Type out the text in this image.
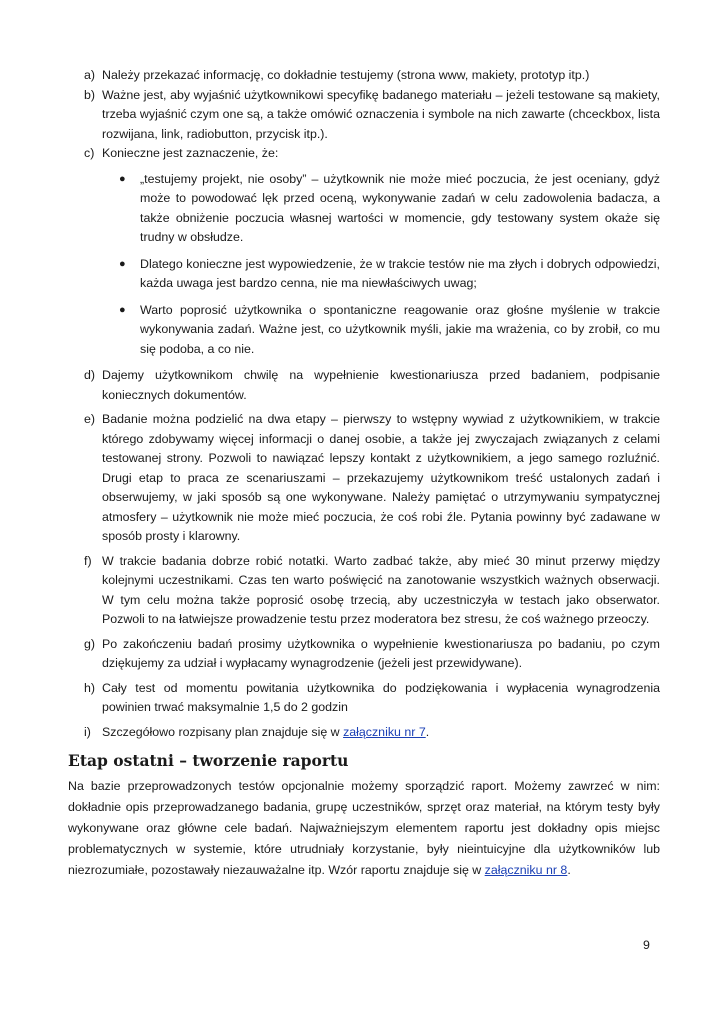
a) Należy przekazać informację, co dokładnie testujemy (strona www, makiety, prototyp itp.)
b) Ważne jest, aby wyjaśnić użytkownikowi specyfikę badanego materiału – jeżeli testowane są makiety, trzeba wyjaśnić czym one są, a także omówić oznaczenia i symbole na nich zawarte (chceckbox, lista rozwijana, link, radiobutton, przycisk itp.).
c) Konieczne jest zaznaczenie, że:
● „testujemy projekt, nie osoby” – użytkownik nie może mieć poczucia, że jest oceniany, gdyż może to powodować lęk przed oceną, wykonywanie zadań w celu zadowolenia badacza, a także obniżenie poczucia własnej wartości w momencie, gdy testowany system okaże się trudny w obsłudze.
● Dlatego konieczne jest wypowiedzenie, że w trakcie testów nie ma złych i dobrych odpowiedzi, każda uwaga jest bardzo cenna, nie ma niewłaściwych uwag;
● Warto poprosić użytkownika o spontaniczne reagowanie oraz głośne myślenie w trakcie wykonywania zadań. Ważne jest, co użytkownik myśli, jakie ma wrażenia, co by zrobił, co mu się podoba, a co nie.
d) Dajemy użytkownikom chwilę na wypełnienie kwestionariusza przed badaniem, podpisanie koniecznych dokumentów.
e) Badanie można podzielić na dwa etapy – pierwszy to wstępny wywiad z użytkownikiem, w trakcie którego zdobywamy więcej informacji o danej osobie, a także jej zwyczajach związanych z celami testowanej strony. Pozwoli to nawiązać lepszy kontakt z użytkownikiem, a jego samego rozluźnić. Drugi etap to praca ze scenariuszami – przekazujemy użytkownikom treść ustalonych zadań i obserwujemy, w jaki sposób są one wykonywane. Należy pamiętać o utrzymywaniu sympatycznej atmosfery – użytkownik nie może mieć poczucia, że coś robi źle. Pytania powinny być zadawane w sposób prosty i klarowny.
f) W trakcie badania dobrze robić notatki. Warto zadbać także, aby mieć 30 minut przerwy między kolejnymi uczestnikami. Czas ten warto poświęcić na zanotowanie wszystkich ważnych obserwacji. W tym celu można także poprosić osobę trzecią, aby uczestniczyła w testach jako obserwator. Pozwoli to na łatwiejsze prowadzenie testu przez moderatora bez stresu, że coś ważnego przeoczy.
g) Po zakończeniu badań prosimy użytkownika o wypełnienie kwestionariusza po badaniu, po czym dziękujemy za udział i wypłacamy wynagrodzenie (jeżeli jest przewidywane).
h) Cały test od momentu powitania użytkownika do podziękowania i wypłacenia wynagrodzenia powinien trwać maksymalnie 1,5 do 2 godzin
i) Szczegółowo rozpisany plan znajduje się w załączniku nr 7.
Etap ostatni – tworzenie raportu

Na bazie przeprowadzonych testów opcjonalnie możemy sporządzić raport. Możemy zawrzeć w nim: dokładnie opis przeprowadzanego badania, grupę uczestników, sprzęt oraz materiał, na którym testy były wykonywane oraz główne cele badań. Najważniejszym elementem raportu jest dokładny opis miejsc problematycznych w systemie, które utrudniały korzystanie, były nieintuicyjne dla użytkowników lub niezrozumiałe, pozostawały niezauważalne itp. Wzór raportu znajduje się w załączniku nr 8.

9
